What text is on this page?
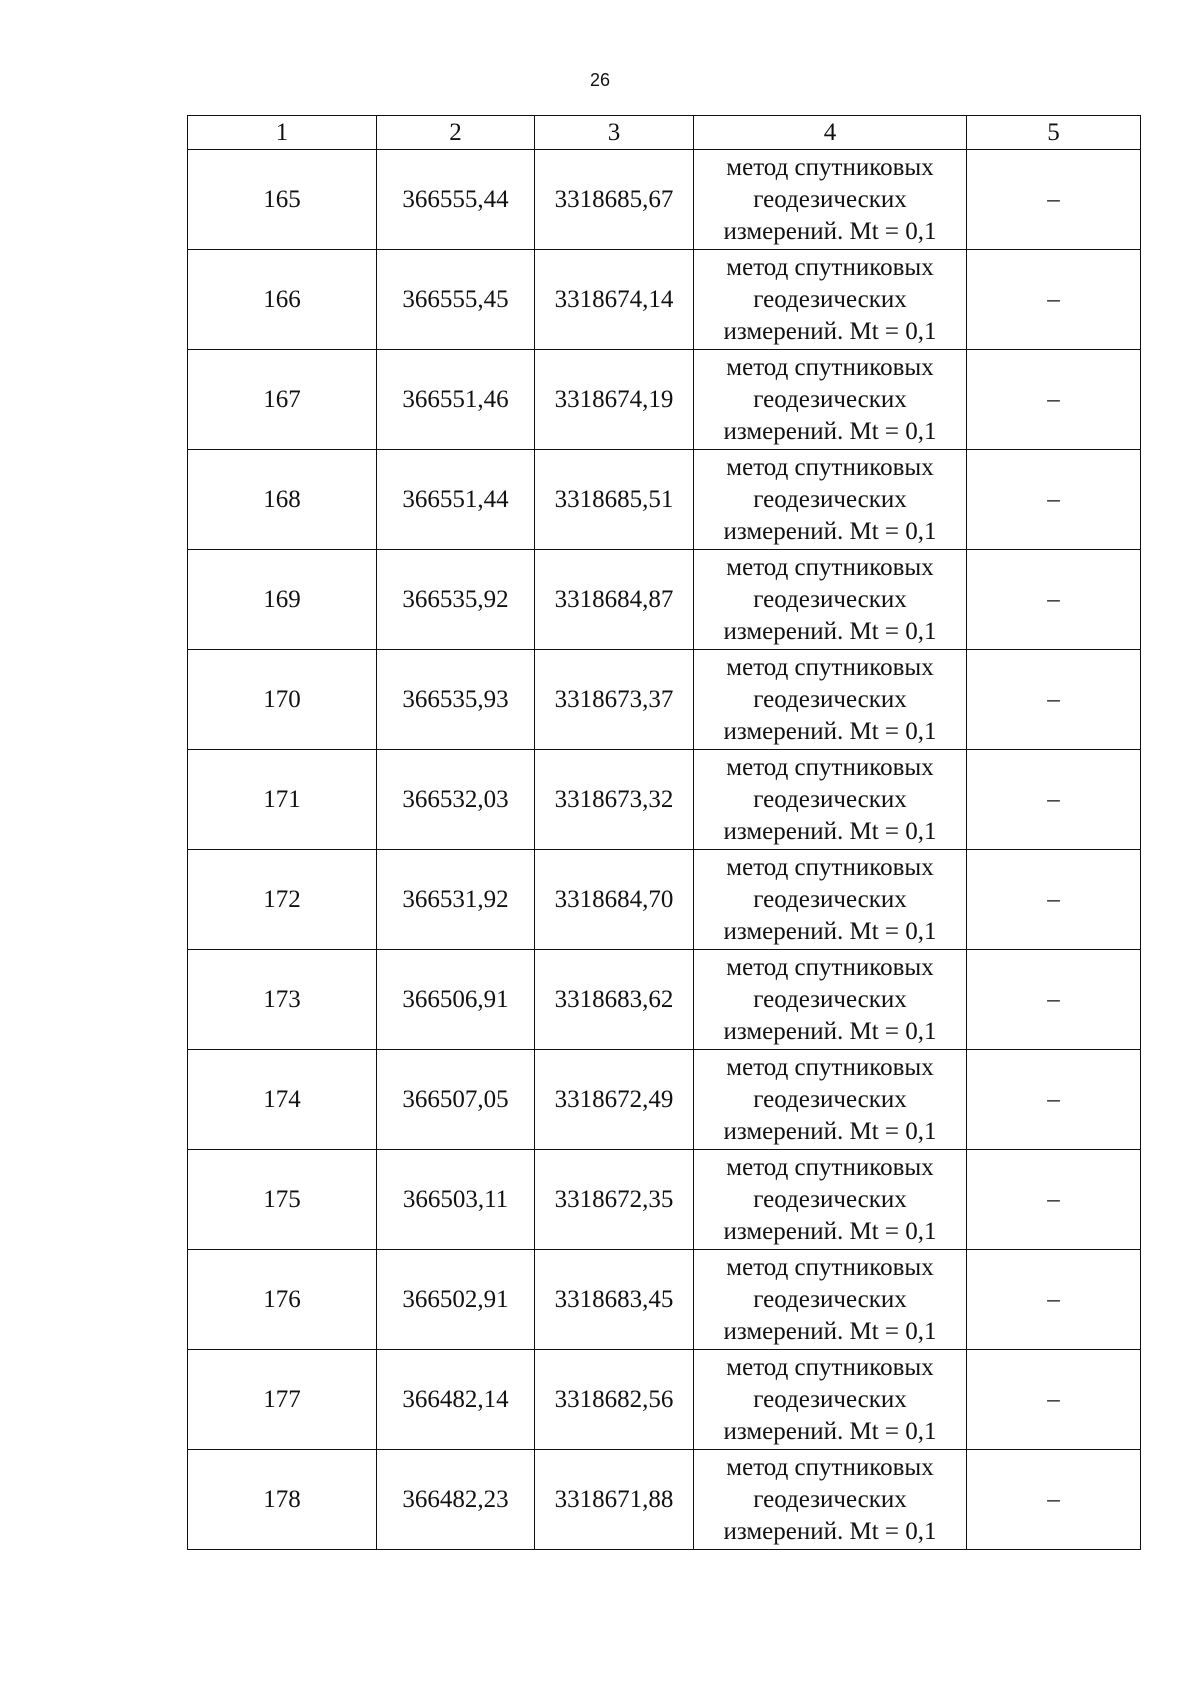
26
1	2	3	4	5
165	366555,44	3318685,67	метод спутниковых
геодезических
измерений. Mt = 0,1	–
166	366555,45	3318674,14	метод спутниковых
геодезических
измерений. Mt = 0,1	–
167	366551,46	3318674,19	метод спутниковых
геодезических
измерений. Mt = 0,1	–
168	366551,44	3318685,51	метод спутниковых
геодезических
измерений. Mt = 0,1	–
169	366535,92	3318684,87	метод спутниковых
геодезических
измерений. Mt = 0,1	–
170	366535,93	3318673,37	метод спутниковых
геодезических
измерений. Mt = 0,1	–
171	366532,03	3318673,32	метод спутниковых
геодезических
измерений. Mt = 0,1	–
172	366531,92	3318684,70	метод спутниковых
геодезических
измерений. Mt = 0,1	–
173	366506,91	3318683,62	метод спутниковых
геодезических
измерений. Mt = 0,1	–
174	366507,05	3318672,49	метод спутниковых
геодезических
измерений. Mt = 0,1	–
175	366503,11	3318672,35	метод спутниковых
геодезических
измерений. Mt = 0,1	–
176	366502,91	3318683,45	метод спутниковых
геодезических
измерений. Mt = 0,1	–
177	366482,14	3318682,56	метод спутниковых
геодезических
измерений. Mt = 0,1	–
178	366482,23	3318671,88	метод спутниковых
геодезических
измерений. Mt = 0,1	–
